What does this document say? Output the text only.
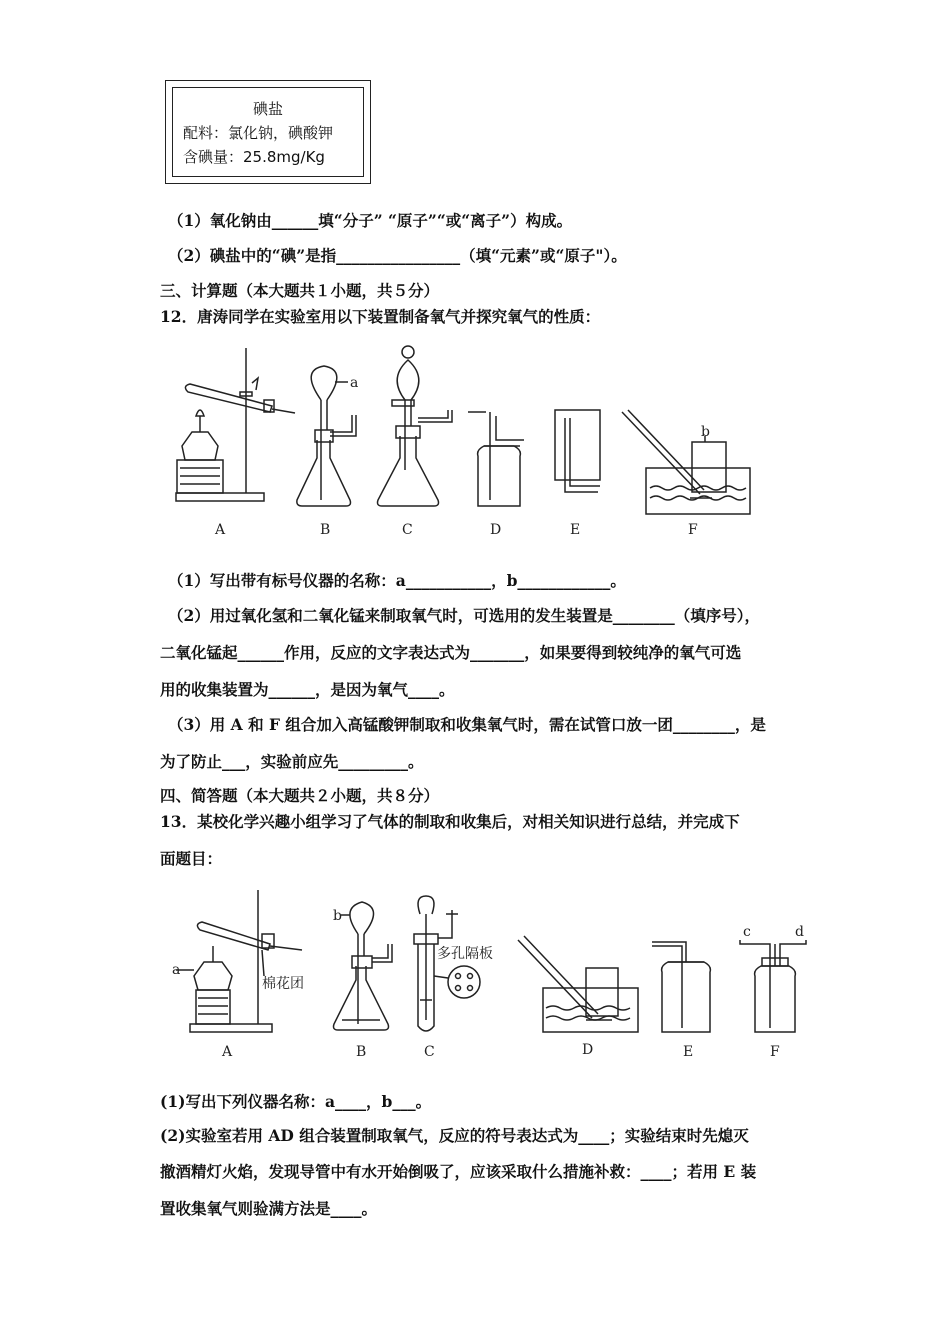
碘盐
配料：氯化钠，碘酸钾
含碘量：25.8mg/Kg
（1）氧化钠由______填“分子” “原子”“或“离子”）构成。
（2）碘盐中的“碘”是指________________（填“元素”或“原子"）。
三、计算题（本大题共１小题，共５分）
12．唐涛同学在实验室用以下装置制备氧气并探究氧气的性质：
A	B	C	D	E	F
a
b
（1）写出带有标号仪器的名称：a___________，b____________。
（2）用过氧化氢和二氧化锰来制取氧气时，可选用的发生装置是________（填序号），
二氧化锰起______作用，反应的文字表达式为_______，如果要得到较纯净的氧气可选
用的收集装置为______，是因为氧气____。
（3）用 A 和 F 组合加入高锰酸钾制取和收集氧气时，需在试管口放一团________，是
为了防止___，实验前应先_________。
四、简答题（本大题共２小题，共８分）
13．某校化学兴趣小组学习了气体的制取和收集后，对相关知识进行总结，并完成下
面题目：
A	B	C	D	E	F
a
b
c	d
棉花团
多孔隔板
(1)写出下列仪器名称：a____，b___。
(2)实验室若用 AD 组合装置制取氧气，反应的符号表达式为____；实验结束时先熄灭
撤酒精灯火焰，发现导管中有水开始倒吸了，应该采取什么措施补救：____；若用 E 装
置收集氧气则验满方法是____。
